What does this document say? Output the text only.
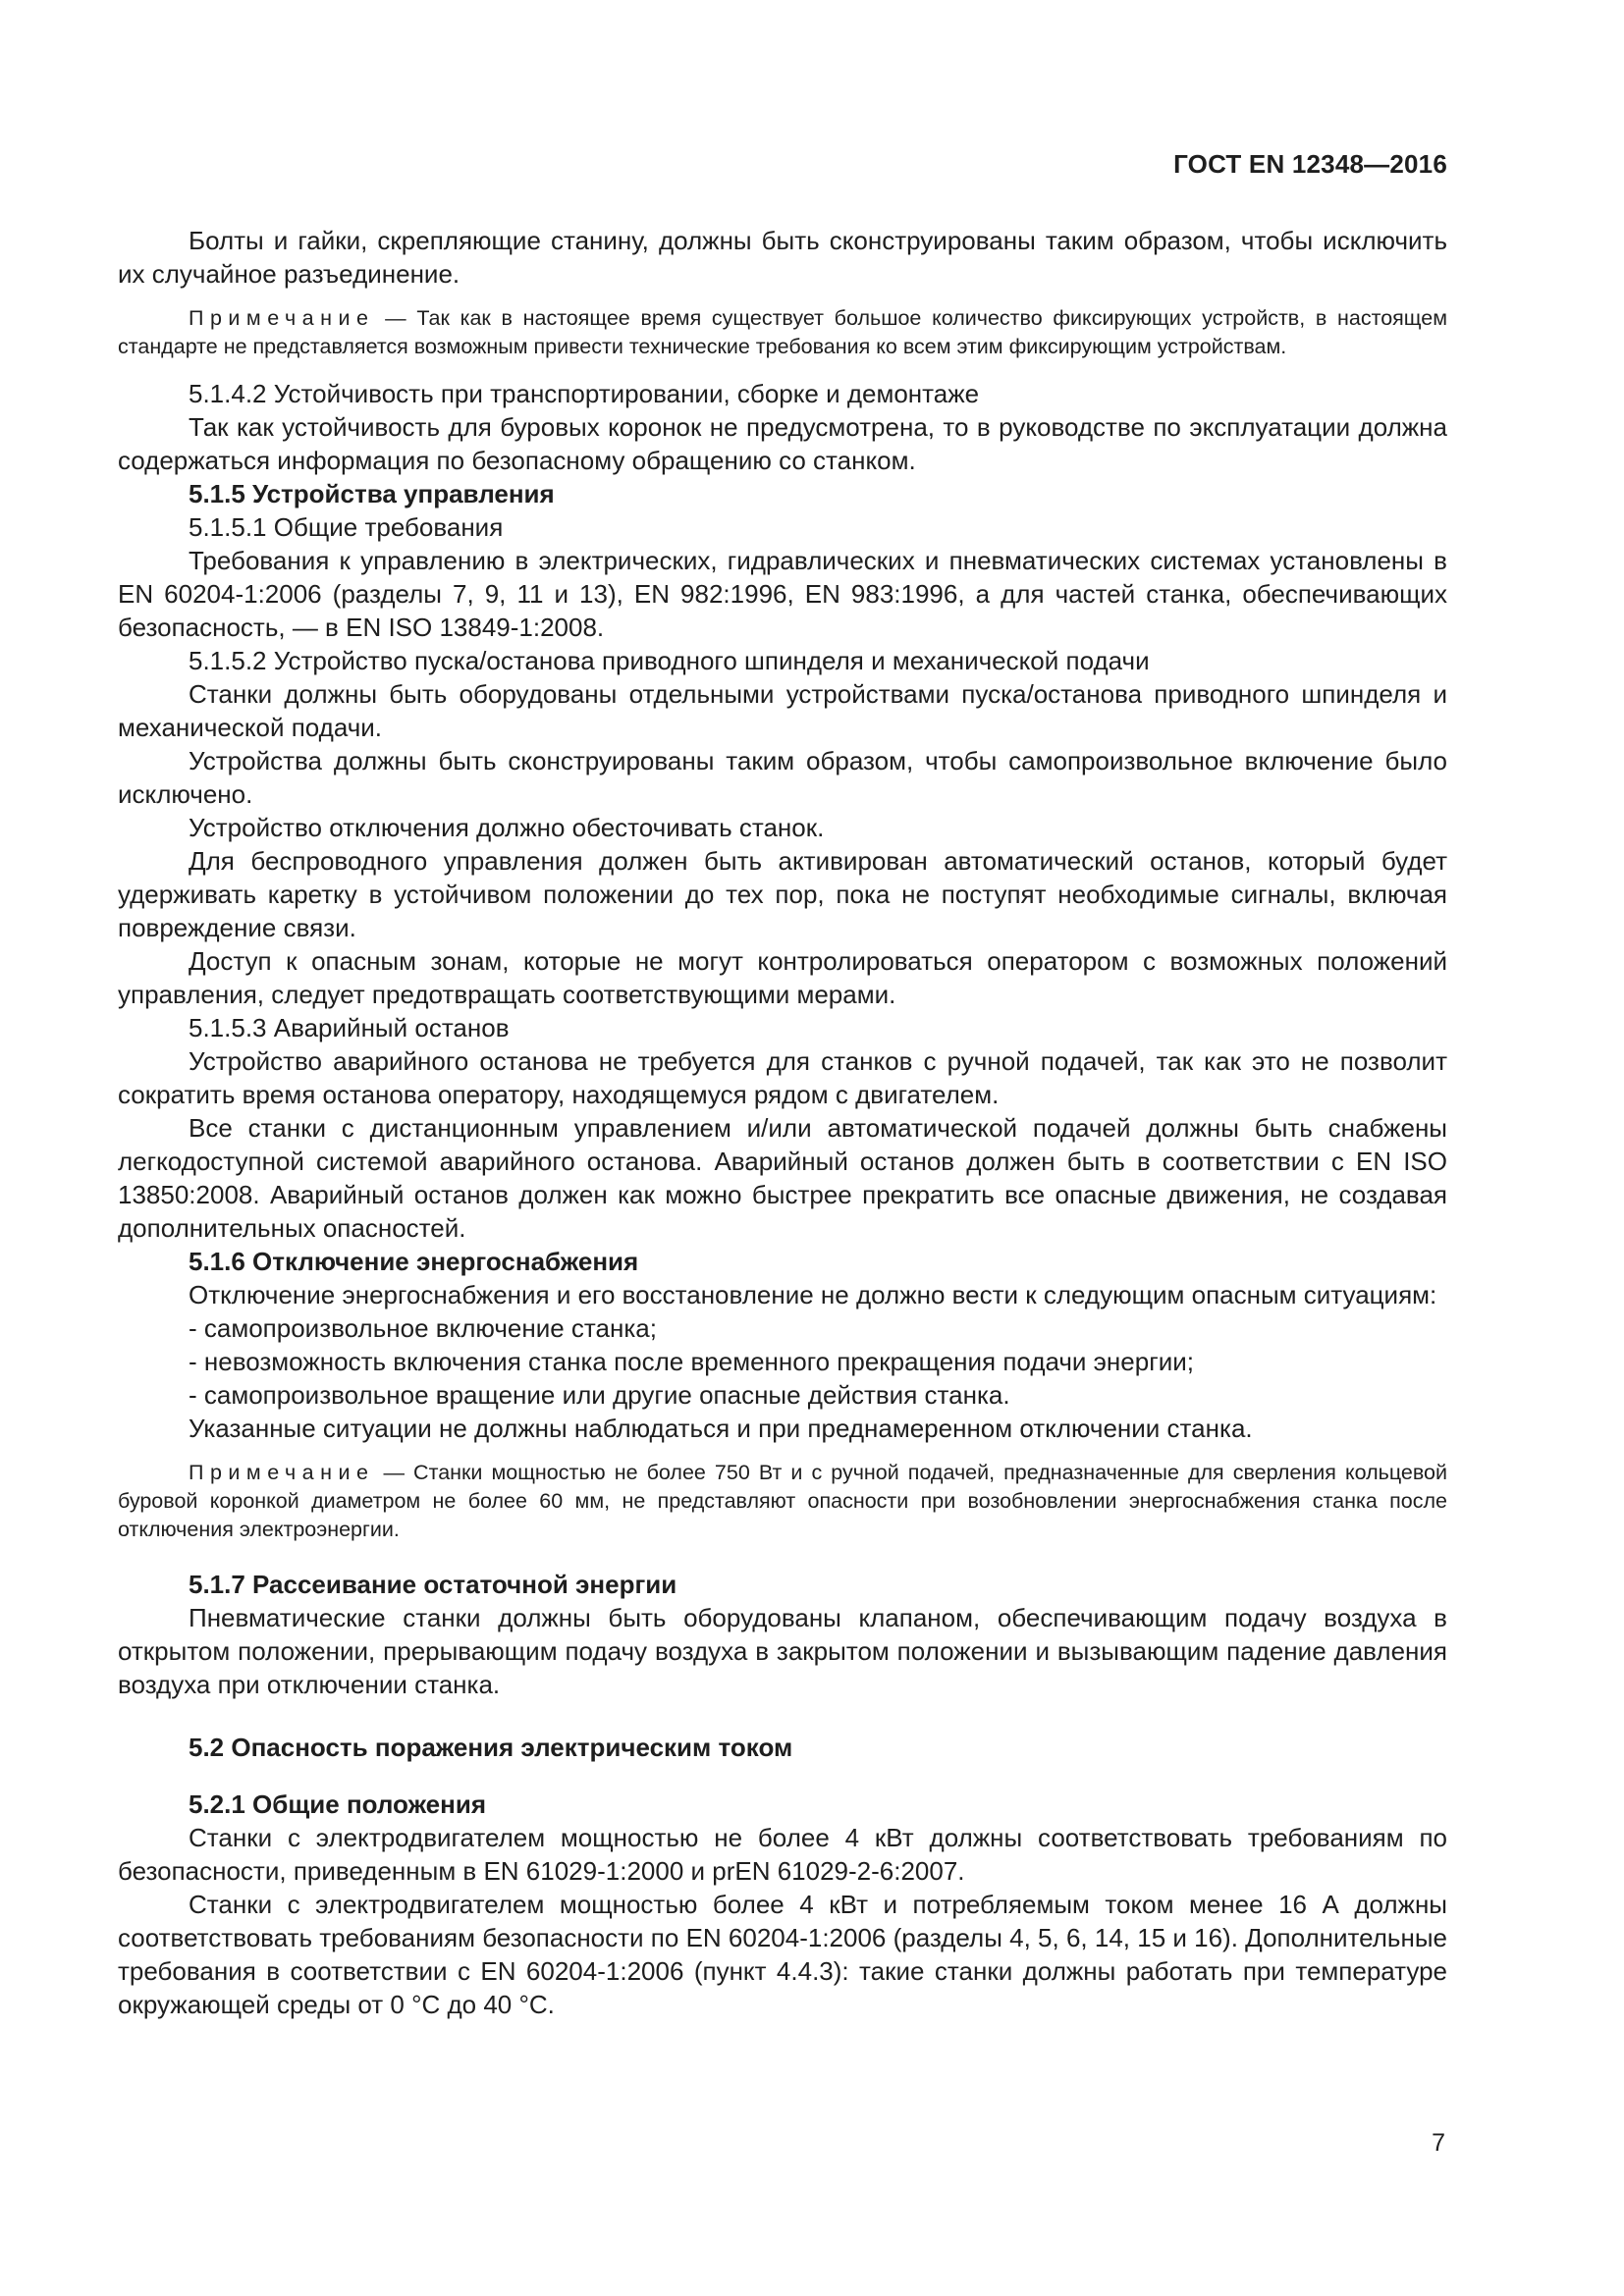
ГОСТ EN 12348—2016

Болты и гайки, скрепляющие станину, должны быть сконструированы таким образом, чтобы исключить их случайное разъединение.

Примечание — Так как в настоящее время существует большое количество фиксирующих устройств, в настоящем стандарте не представляется возможным привести технические требования ко всем этим фиксирующим устройствам.

5.1.4.2 Устойчивость при транспортировании, сборке и демонтаже

Так как устойчивость для буровых коронок не предусмотрена, то в руководстве по эксплуатации должна содержаться информация по безопасному обращению со станком.

5.1.5 Устройства управления

5.1.5.1 Общие требования

Требования к управлению в электрических, гидравлических и пневматических системах установлены в EN 60204-1:2006 (разделы 7, 9, 11 и 13), EN 982:1996, EN 983:1996, а для частей станка, обеспечивающих безопасность, — в EN ISO 13849-1:2008.

5.1.5.2 Устройство пуска/останова приводного шпинделя и механической подачи

Станки должны быть оборудованы отдельными устройствами пуска/останова приводного шпинделя и механической подачи.

Устройства должны быть сконструированы таким образом, чтобы самопроизвольное включение было исключено.

Устройство отключения должно обесточивать станок.

Для беспроводного управления должен быть активирован автоматический останов, который будет удерживать каретку в устойчивом положении до тех пор, пока не поступят необходимые сигналы, включая повреждение связи.

Доступ к опасным зонам, которые не могут контролироваться оператором с возможных положений управления, следует предотвращать соответствующими мерами.

5.1.5.3 Аварийный останов

Устройство аварийного останова не требуется для станков с ручной подачей, так как это не позволит сократить время останова оператору, находящемуся рядом с двигателем.

Все станки с дистанционным управлением и/или автоматической подачей должны быть снабжены легкодоступной системой аварийного останова. Аварийный останов должен быть в соответствии с EN ISO 13850:2008. Аварийный останов должен как можно быстрее прекратить все опасные движения, не создавая дополнительных опасностей.

5.1.6 Отключение энергоснабжения

Отключение энергоснабжения и его восстановление не должно вести к следующим опасным ситуациям:

- самопроизвольное включение станка;

- невозможность включения станка после временного прекращения подачи энергии;

- самопроизвольное вращение или другие опасные действия станка.

Указанные ситуации не должны наблюдаться и при преднамеренном отключении станка.

Примечание — Станки мощностью не более 750 Вт и с ручной подачей, предназначенные для сверления кольцевой буровой коронкой диаметром не более 60 мм, не представляют опасности при возобновлении энергоснабжения станка после отключения электроэнергии.

5.1.7 Рассеивание остаточной энергии

Пневматические станки должны быть оборудованы клапаном, обеспечивающим подачу воздуха в открытом положении, прерывающим подачу воздуха в закрытом положении и вызывающим падение давления воздуха при отключении станка.

5.2 Опасность поражения электрическим током

5.2.1 Общие положения

Станки с электродвигателем мощностью не более 4 кВт должны соответствовать требованиям по безопасности, приведенным в EN 61029-1:2000 и prEN 61029-2-6:2007.

Станки с электродвигателем мощностью более 4 кВт и потребляемым током менее 16 А должны соответствовать требованиям безопасности по EN 60204-1:2006 (разделы 4, 5, 6, 14, 15 и 16). Дополнительные требования в соответствии с EN 60204-1:2006 (пункт 4.4.3): такие станки должны работать при температуре окружающей среды от 0 °С до 40 °С.

7
